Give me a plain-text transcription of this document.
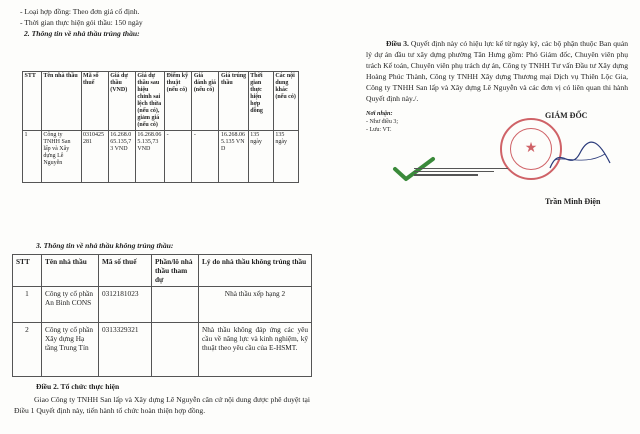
- Loại hợp đồng: Theo đơn giá cố định.
- Thời gian thực hiện gói thầu: 150 ngày
2. Thông tin về nhà thầu trúng thầu:
STT	Tên nhà thầu	Mã số thuế	Giá dự thầu (VND)	Giá dự thầu sau hiệu chỉnh sai lệch thừa (nếu có), giảm giá (nếu có)	Điểm kỹ thuật (nếu có)	Giá đánh giá (nếu có)	Giá trúng thầu	Thời gian thực hiện hợp đồng	Các nội dung khác (nếu có)
1	Công ty TNHH San lấp và Xây dựng Lê Nguyễn	0310425281	16.268.065.135,73 VND	16.268.065.135,73 VND	-	-	16.268.065.135 VND	135 ngày	135 ngày
3. Thông tin về nhà thầu không trúng thầu:
STT	Tên nhà thầu	Mã số thuế	Phần/lô nhà thầu tham dự	Lý do nhà thầu không trúng thầu
1	Công ty cổ phần An Bình CONS	0312181023		Nhà thầu xếp hạng 2
2	Công ty cổ phần Xây dựng Hạ tầng Trung Tín	0313329321		Nhà thầu không đáp ứng các yêu cầu về năng lực và kinh nghiệm, kỹ thuật theo yêu cầu của E-HSMT.
Điều 2. Tổ chức thực hiện
Giao Công ty TNHH San lấp và Xây dựng Lê Nguyễn căn cứ nội dung được phê duyệt tại Điều 1 Quyết định này, tiến hành tổ chức hoàn thiện hợp đồng.
Điều 3. Quyết định này có hiệu lực kể từ ngày ký, các bộ phận thuộc Ban quản lý dự án đầu tư xây dựng phường Tân Hưng gồm: Phó Giám đốc, Chuyên viên phụ trách Kế toán, Chuyên viên phụ trách dự án, Công ty TNHH Tư vấn Đầu tư Xây dựng Hoàng Phúc Thành, Công ty TNHH Xây dựng Thương mại Dịch vụ Thiên Lộc Gia, Công ty TNHH San lấp và Xây dựng Lê Nguyễn và các đơn vị có liên quan thi hành Quyết định này./.
Nơi nhận:
- Như điều 3;
- Lưu: VT.
GIÁM ĐỐC
★
Trần Minh Điện
